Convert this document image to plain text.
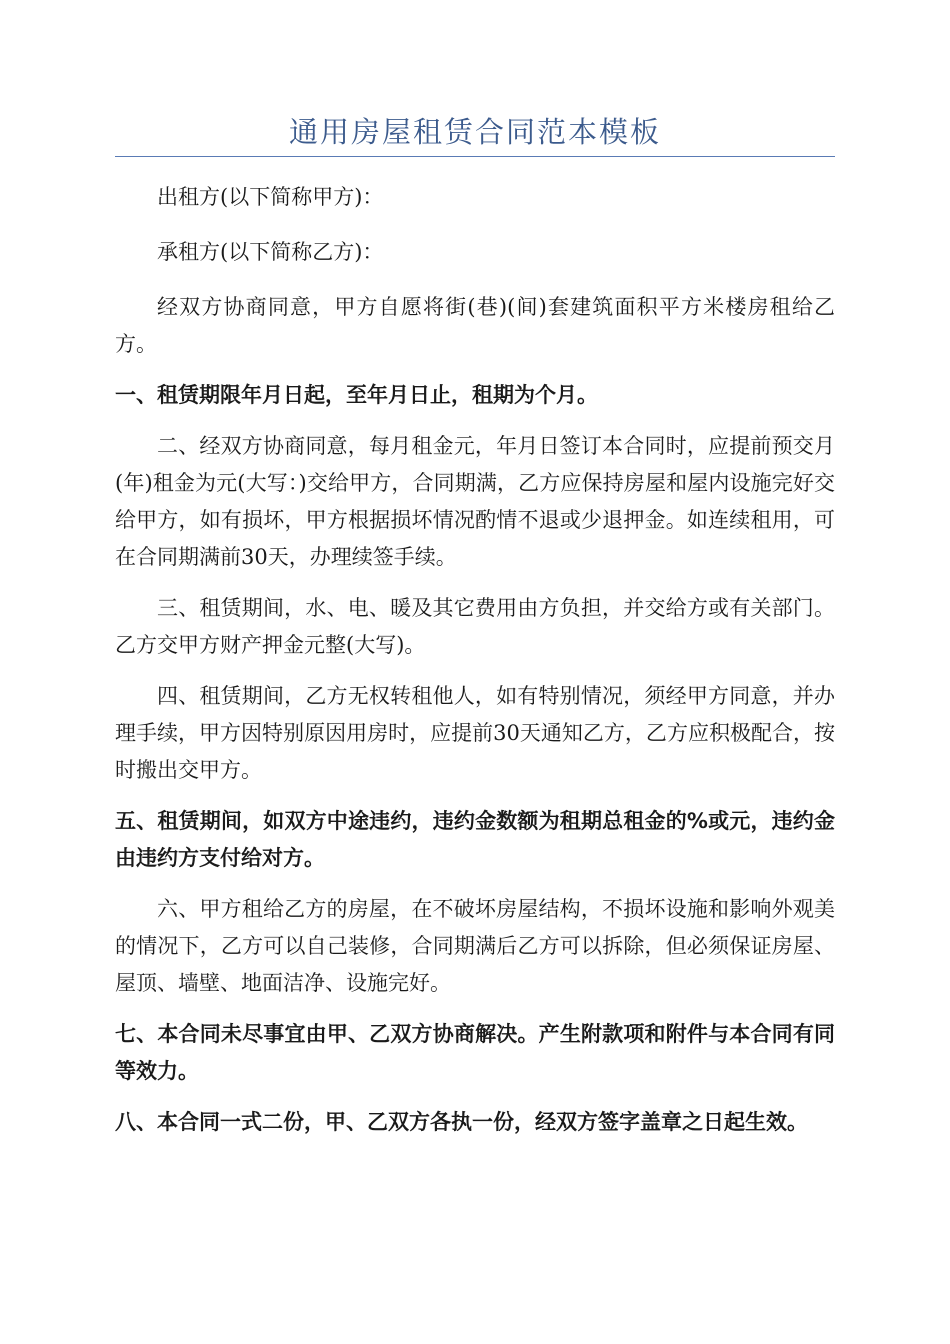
通用房屋租赁合同范本模板

出租方(以下简称甲方)：

承租方(以下简称乙方)：

经双方协商同意，甲方自愿将街(巷)(间)套建筑面积平方米楼房租给乙方。

一、租赁期限年月日起，至年月日止，租期为个月。

二、经双方协商同意，每月租金元，年月日签订本合同时，应提前预交月(年)租金为元(大写：)交给甲方，合同期满，乙方应保持房屋和屋内设施完好交给甲方，如有损坏，甲方根据损坏情况酌情不退或少退押金。如连续租用，可在合同期满前30天，办理续签手续。

三、租赁期间，水、电、暖及其它费用由方负担，并交给方或有关部门。乙方交甲方财产押金元整(大写)。

四、租赁期间，乙方无权转租他人，如有特别情况，须经甲方同意，并办理手续，甲方因特别原因用房时，应提前30天通知乙方，乙方应积极配合，按时搬出交甲方。

五、租赁期间，如双方中途违约，违约金数额为租期总租金的%或元，违约金由违约方支付给对方。

六、甲方租给乙方的房屋，在不破坏房屋结构，不损坏设施和影响外观美的情况下，乙方可以自己装修，合同期满后乙方可以拆除，但必须保证房屋、屋顶、墙壁、地面洁净、设施完好。

七、本合同未尽事宜由甲、乙双方协商解决。产生附款项和附件与本合同有同等效力。

八、本合同一式二份，甲、乙双方各执一份，经双方签字盖章之日起生效。
